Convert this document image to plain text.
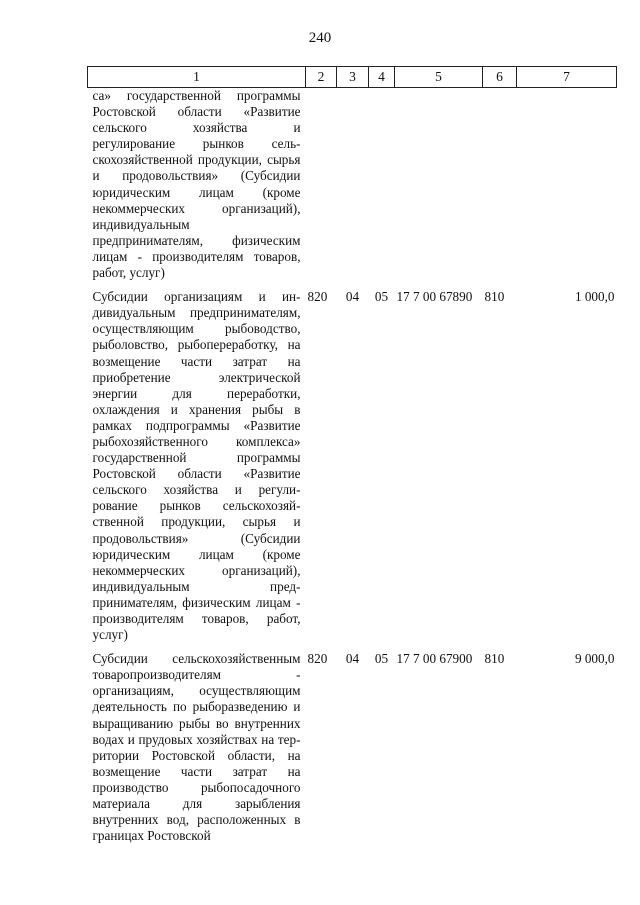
240
1	2	3	4	5	6	7
са» государственной программы Ростовской области «Развитие сельского хозяйства и регулирование рынков сельскохозяйственной продукции, сырья и продовольствия» (Субсидии юридическим лицам (кроме некоммерческих организаций), индивидуальным предпринимателям, физическим лицам - производителям товаров, работ, услуг)						
Субсидии организациям и индивидуальным предпринимателям, осуществляющим рыбоводство, рыболовство, рыбопереработку, на возмещение части затрат на приобретение электрической энергии для переработки, охлаждения и хранения рыбы в рамках подпрограммы «Развитие рыбохозяйственного комплекса» государственной программы Ростовской области «Развитие сельского хозяйства и регулирование рынков сельскохозяйственной продукции, сырья и продовольствия» (Субсидии юридическим лицам (кроме некоммерческих организаций), индивидуальным предпринимателям, физическим лицам - производителям товаров, работ, услуг)	820	04	05	17 7 00 67890	810	1 000,0
Субсидии сельскохозяйственным товаропроизводителям - организациям, осуществляющим деятельность по рыборазведению и выращиванию рыбы во внутренних водах и прудовых хозяйствах на территории Ростовской области, на возмещение части затрат на производство рыбопосадочного материала для зарыбления внутренних вод, расположенных в границах Ростовской	820	04	05	17 7 00 67900	810	9 000,0
